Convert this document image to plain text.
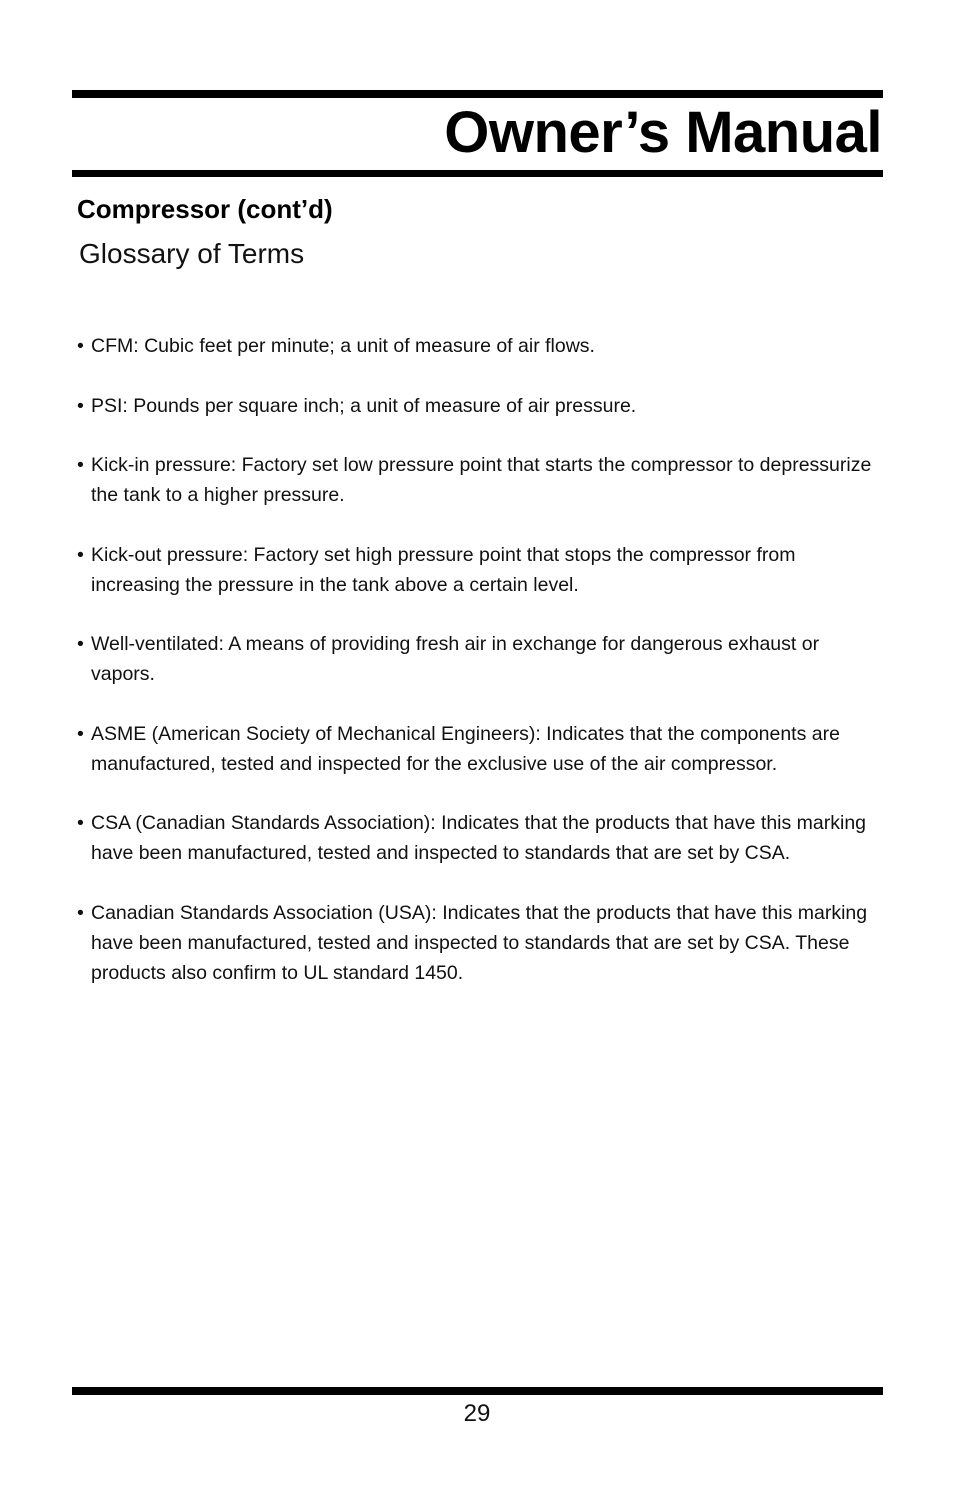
Owner’s Manual
Compressor (cont’d)
Glossary of Terms
• CFM: Cubic feet per minute; a unit of measure of air flows.
• PSI: Pounds per square inch; a unit of measure of air pressure.
• Kick-in pressure: Factory set low pressure point that starts the compressor to depressurize the tank to a higher pressure.
• Kick-out pressure: Factory set high pressure point that stops the compressor from increasing the pressure in the tank above a certain level.
• Well-ventilated: A means of providing fresh air in exchange for dangerous exhaust or vapors.
• ASME (American Society of Mechanical Engineers): Indicates that the components are manufactured, tested and inspected for the exclusive use of the air compressor.
• CSA (Canadian Standards Association): Indicates that the products that have this marking have been manufactured, tested and inspected to standards that are set by CSA.
• Canadian Standards Association (USA): Indicates that the products that have this marking have been manufactured, tested and inspected to standards that are set by CSA. These products also confirm to UL standard 1450.
29
